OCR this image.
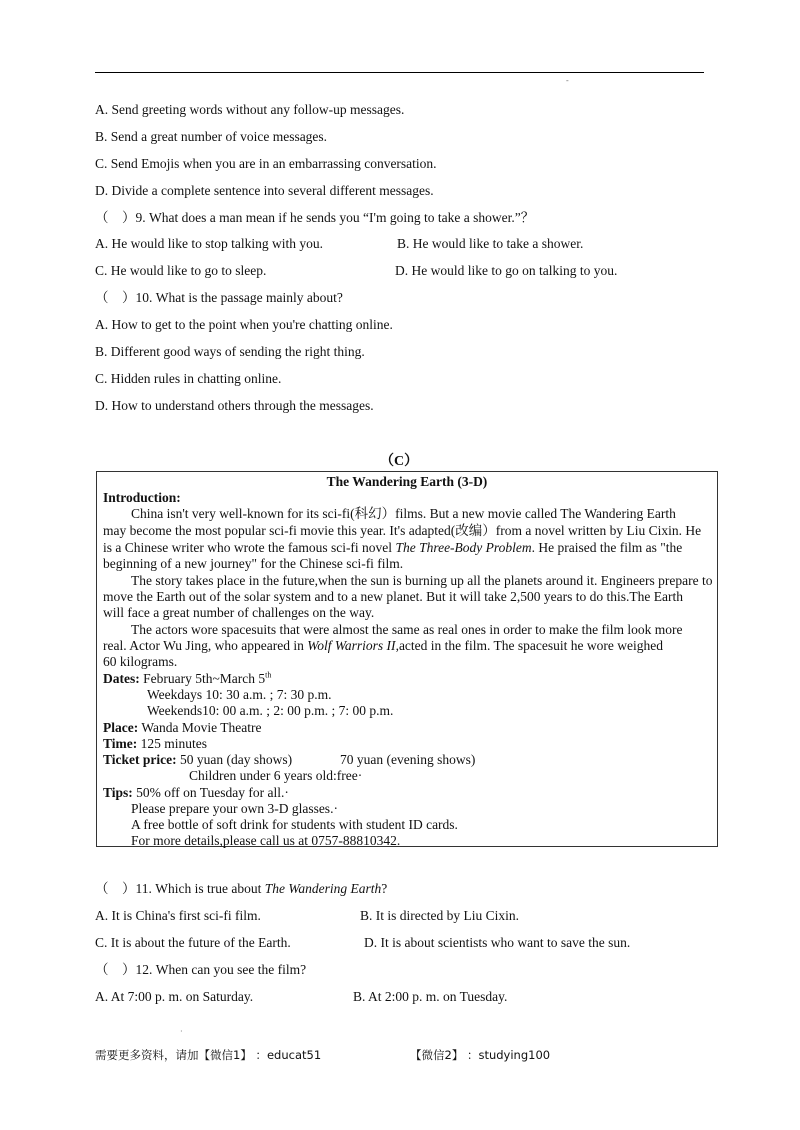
-
A. Send greeting words without any follow-up messages.
B. Send a great number of voice messages.
C. Send Emojis when you are in an embarrassing conversation.
D. Divide a complete sentence into several different messages.
（　）9. What does a man mean if he sends you “I'm going to take a shower.”？
A. He would like to stop talking with you.	B. He would like to take a shower.
C. He would like to go to sleep.	D. He would like to go on talking to you.
（　）10. What is the passage mainly about?
A. How to get to the point when you're chatting online.
B. Different good ways of sending the right thing.
C. Hidden rules in chatting online.
D. How to understand others through the messages.
（C）
The Wandering Earth (3-D)
Introduction:
China isn't very well-known for its sci-fi(科幻）films. But a new movie called The Wandering Earth
may become the most popular sci-fi movie this year. It's adapted(改编）from a novel written by Liu Cixin. He
is a Chinese writer who wrote the famous sci-fi novel The Three-Body Problem. He praised the film as "the
beginning of a new journey" for the Chinese sci-fi film.
The story takes place in the future,when the sun is burning up all the planets around it. Engineers prepare to
move the Earth out of the solar system and to a new planet. But it will take 2,500 years to do this.The Earth
will face a great number of challenges on the way.
The actors wore spacesuits that were almost the same as real ones in order to make the film look more
real. Actor Wu Jing, who appeared in Wolf Warriors II,acted in the film. The spacesuit he wore weighed
60 kilograms.
Dates: February 5th~March 5th
Weekdays 10: 30 a.m. ; 7: 30 p.m.
Weekends10: 00 a.m. ; 2: 00 p.m. ; 7: 00 p.m.
Place: Wanda Movie Theatre
Time: 125 minutes
Ticket price: 50 yuan (day shows)	70 yuan (evening shows)
Children under 6 years old:free·
Tips: 50% off on Tuesday for all.·
Please prepare your own 3-D glasses.·
A free bottle of soft drink for students with student ID cards.
For more details,please call us at 0757-88810342.
（　）11. Which is true about The Wandering Earth?
A. It is China's first sci-fi film.	B. It is directed by Liu Cixin.
C. It is about the future of the Earth.	D. It is about scientists who want to save the sun.
（　）12. When can you see the film?
A. At 7:00 p. m. on Saturday.	B. At 2:00 p. m. on Tuesday.
·
需要更多资料，请加【微信1】 ：educat51	【微信2】 ：studying100
